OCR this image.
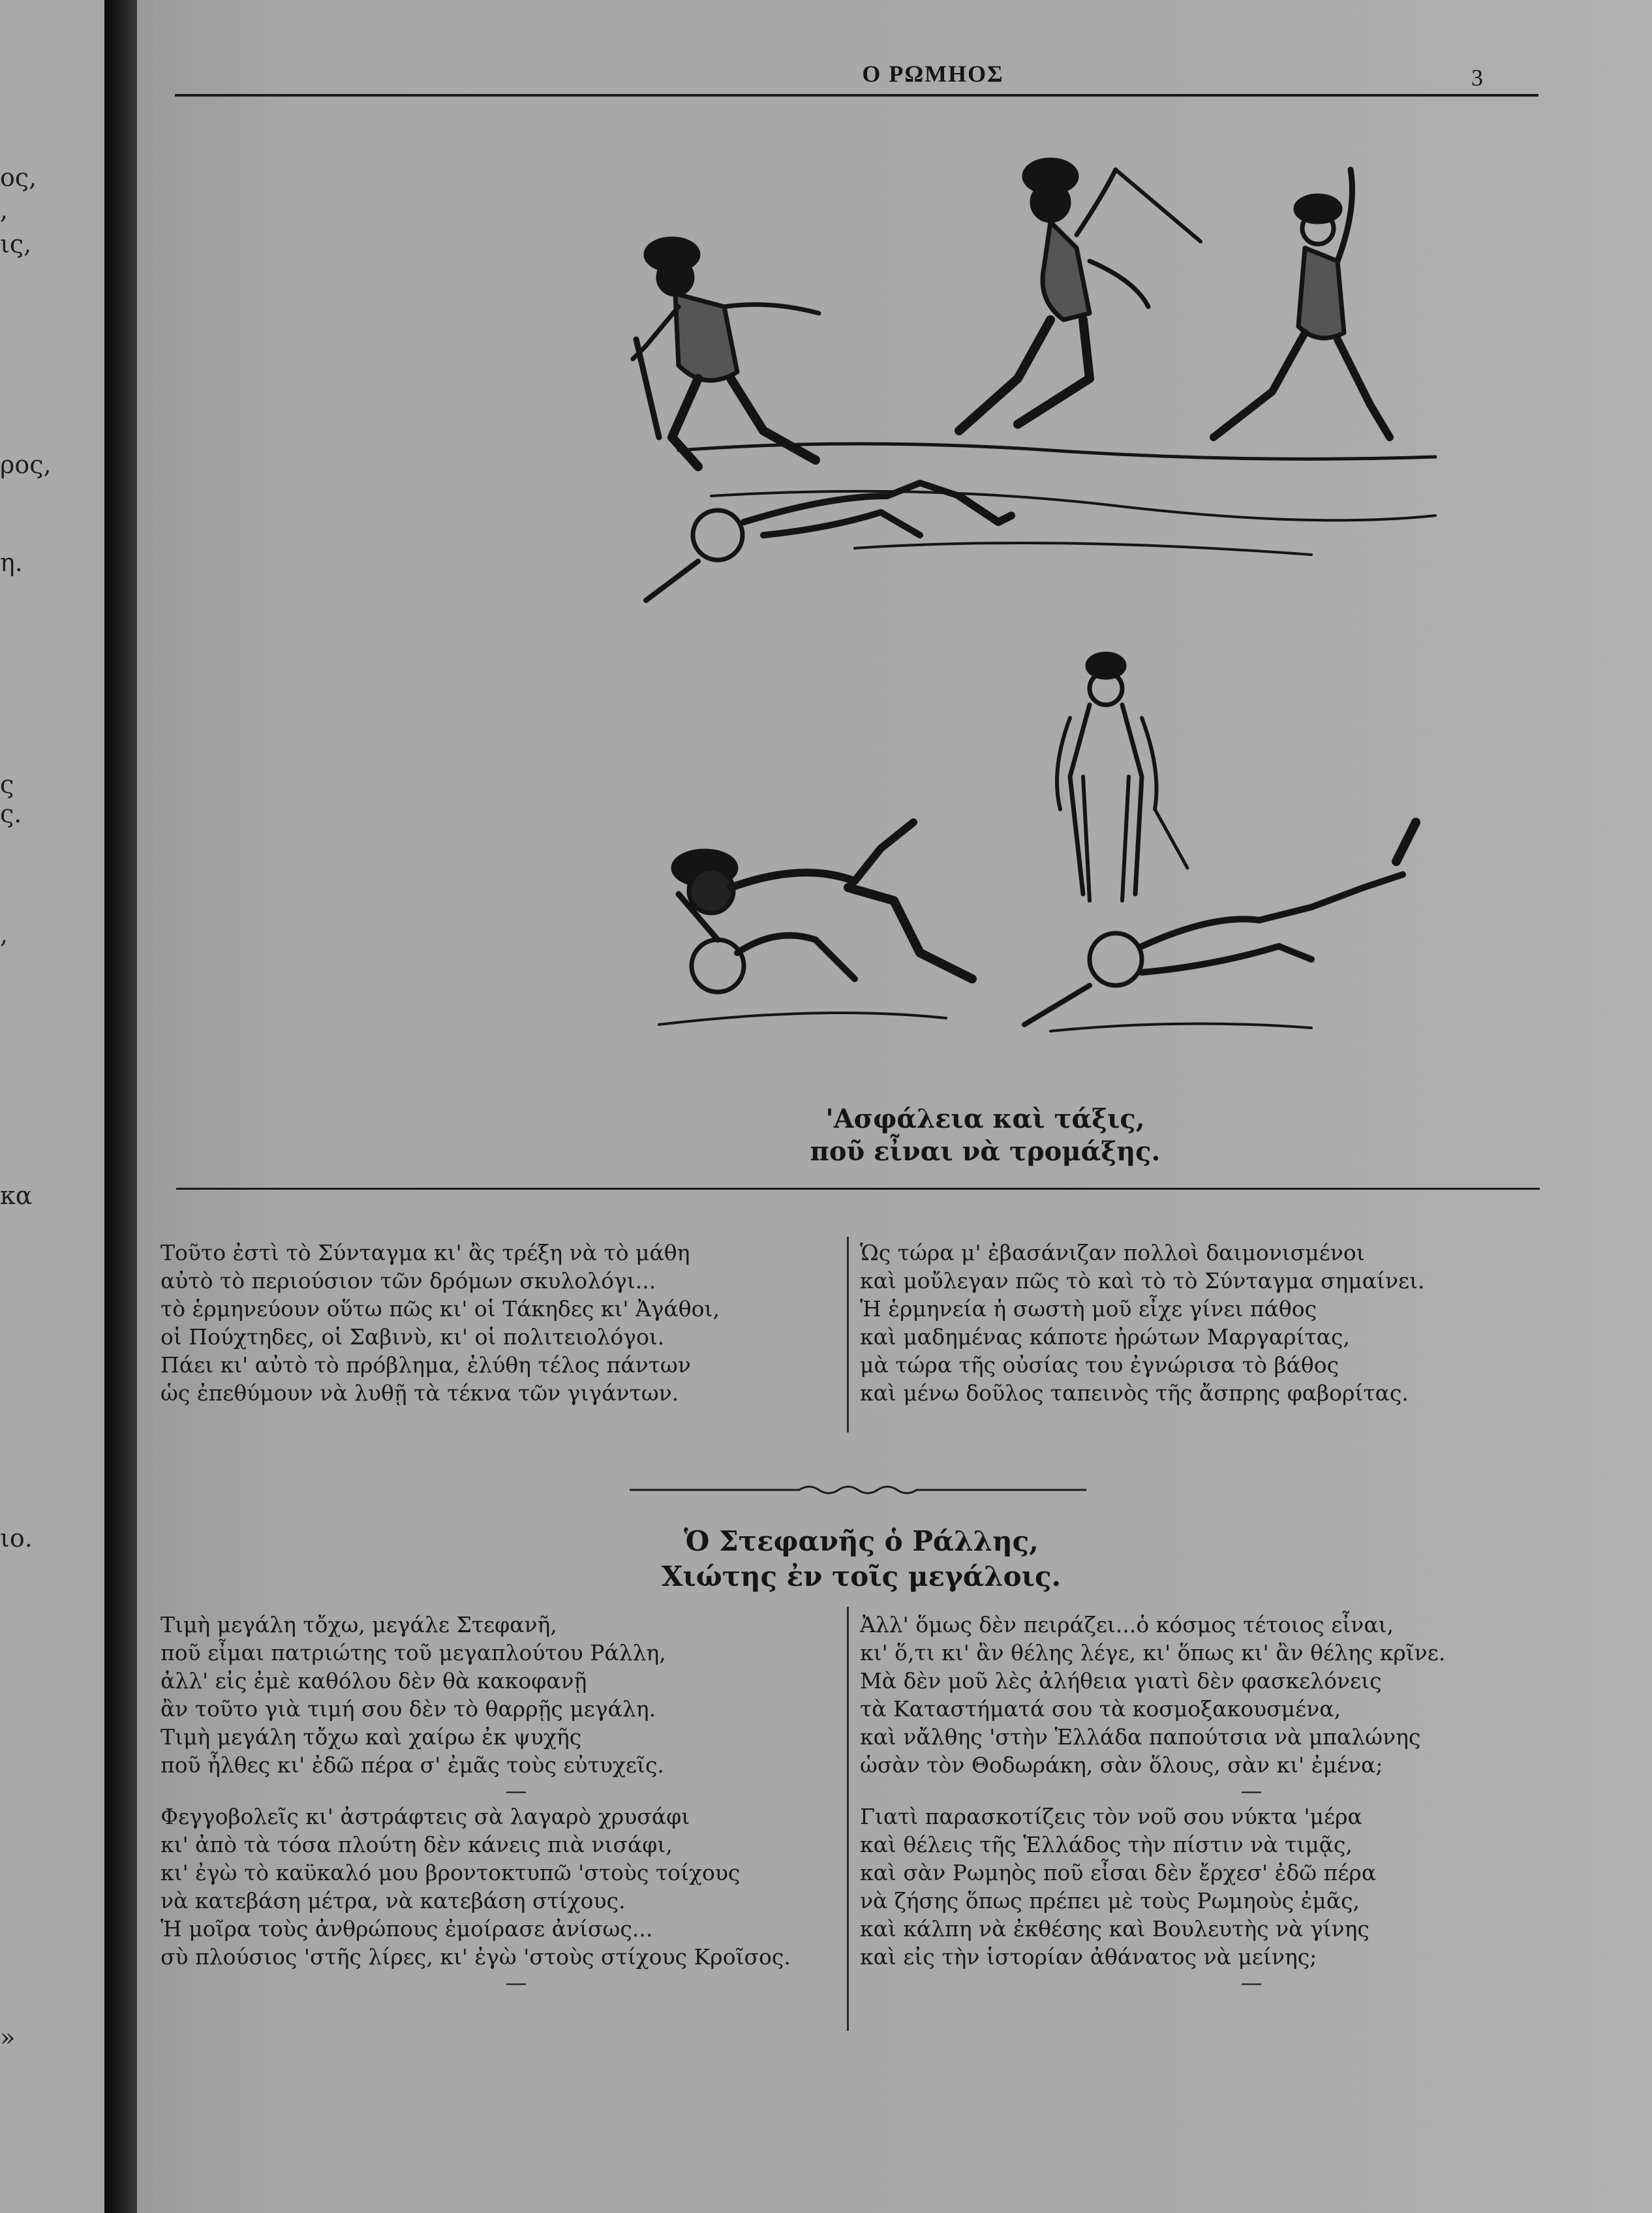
ος,
,
ις,
ρος,
η.
ς
ς.
,
κα
ιο.
»
Ο ΡΩΜΗΟΣ	3
'Ασφάλεια καὶ τάξις,
ποῦ εἶναι νὰ τρομάξης.
Τοῦτο ἐστὶ τὸ Σύνταγμα κι' ἂς τρέξη νὰ τὸ μάθη
αὐτὸ τὸ περιούσιον τῶν δρόμων σκυλολόγι...
τὸ ἑρμηνεύουν οὕτω πῶς κι' οἱ Τάκηδες κι' Ἀγάθοι,
οἱ Πούχτηδες, οἱ Σαβινὺ, κι' οἱ πολιτειολόγοι.
Πάει κι' αὐτὸ τὸ πρόβλημα, ἐλύθη τέλος πάντων
ὡς ἐπεθύμουν νὰ λυθῇ τὰ τέκνα τῶν γιγάντων.
Ὡς τώρα μ' ἐβασάνιζαν πολλοὶ δαιμονισμένοι
καὶ μοὔλεγαν πῶς τὸ καὶ τὸ τὸ Σύνταγμα σημαίνει.
Ἡ ἑρμηνεία ἡ σωστὴ μοῦ εἶχε γίνει πάθος
καὶ μαδημένας κάποτε ἠρώτων Μαργαρίτας,
μὰ τώρα τῆς οὐσίας του ἐγνώρισα τὸ βάθος
καὶ μένω δοῦλος ταπεινὸς τῆς ἄσπρης φαβορίτας.
Ὁ Στεφανῆς ὁ Ράλλης,
Χιώτης ἐν τοῖς μεγάλοις.
Τιμὴ μεγάλη τὄχω, μεγάλε Στεφανῆ,
ποῦ εἶμαι πατριώτης τοῦ μεγαπλούτου Ράλλη,
ἀλλ' εἰς ἐμὲ καθόλου δὲν θὰ κακοφανῇ
ἂν τοῦτο γιὰ τιμή σου δὲν τὸ θαρρῇς μεγάλη.
Τιμὴ μεγάλη τὄχω καὶ χαίρω ἐκ ψυχῆς
ποῦ ἦλθες κι' ἐδῶ πέρα σ' ἐμᾶς τοὺς εὐτυχεῖς.
—
Φεγγοβολεῖς κι' ἀστράφτεις σὰ λαγαρὸ χρυσάφι
κι' ἀπὸ τὰ τόσα πλούτη δὲν κάνεις πιὰ νισάφι,
κι' ἐγὼ τὸ καϋκαλό μου βροντοκτυπῶ 'στοὺς τοίχους
νὰ κατεβάση μέτρα, νὰ κατεβάση στίχους.
Ἡ μοῖρα τοὺς ἀνθρώπους ἐμοίρασε ἀνίσως...
σὺ πλούσιος 'στῆς λίρες, κι' ἐγὼ 'στοὺς στίχους Κροῖσος.
—
Ἀλλ' ὅμως δὲν πειράζει...ὁ κόσμος τέτοιος εἶναι,
κι' ὅ,τι κι' ἂν θέλης λέγε, κι' ὅπως κι' ἂν θέλης κρῖνε.
Μὰ δὲν μοῦ λὲς ἀλήθεια γιατὶ δὲν φασκελόνεις
τὰ Καταστήματά σου τὰ κοσμοξακουσμένα,
καὶ νἄλθης 'στὴν Ἑλλάδα παπούτσια νὰ μπαλώνης
ὡσὰν τὸν Θοδωράκη, σὰν ὅλους, σὰν κι' ἐμένα;
—
Γιατὶ παρασκοτίζεις τὸν νοῦ σου νύκτα 'μέρα
καὶ θέλεις τῆς Ἑλλάδος τὴν πίστιν νὰ τιμᾷς,
καὶ σὰν Ρωμηὸς ποῦ εἶσαι δὲν ἔρχεσ' ἐδῶ πέρα
νὰ ζήσης ὅπως πρέπει μὲ τοὺς Ρωμηοὺς ἐμᾶς,
καὶ κάλπη νὰ ἐκθέσης καὶ Βουλευτὴς νὰ γίνης
καὶ εἰς τὴν ἱστορίαν ἀθάνατος νὰ μείνης;
—
